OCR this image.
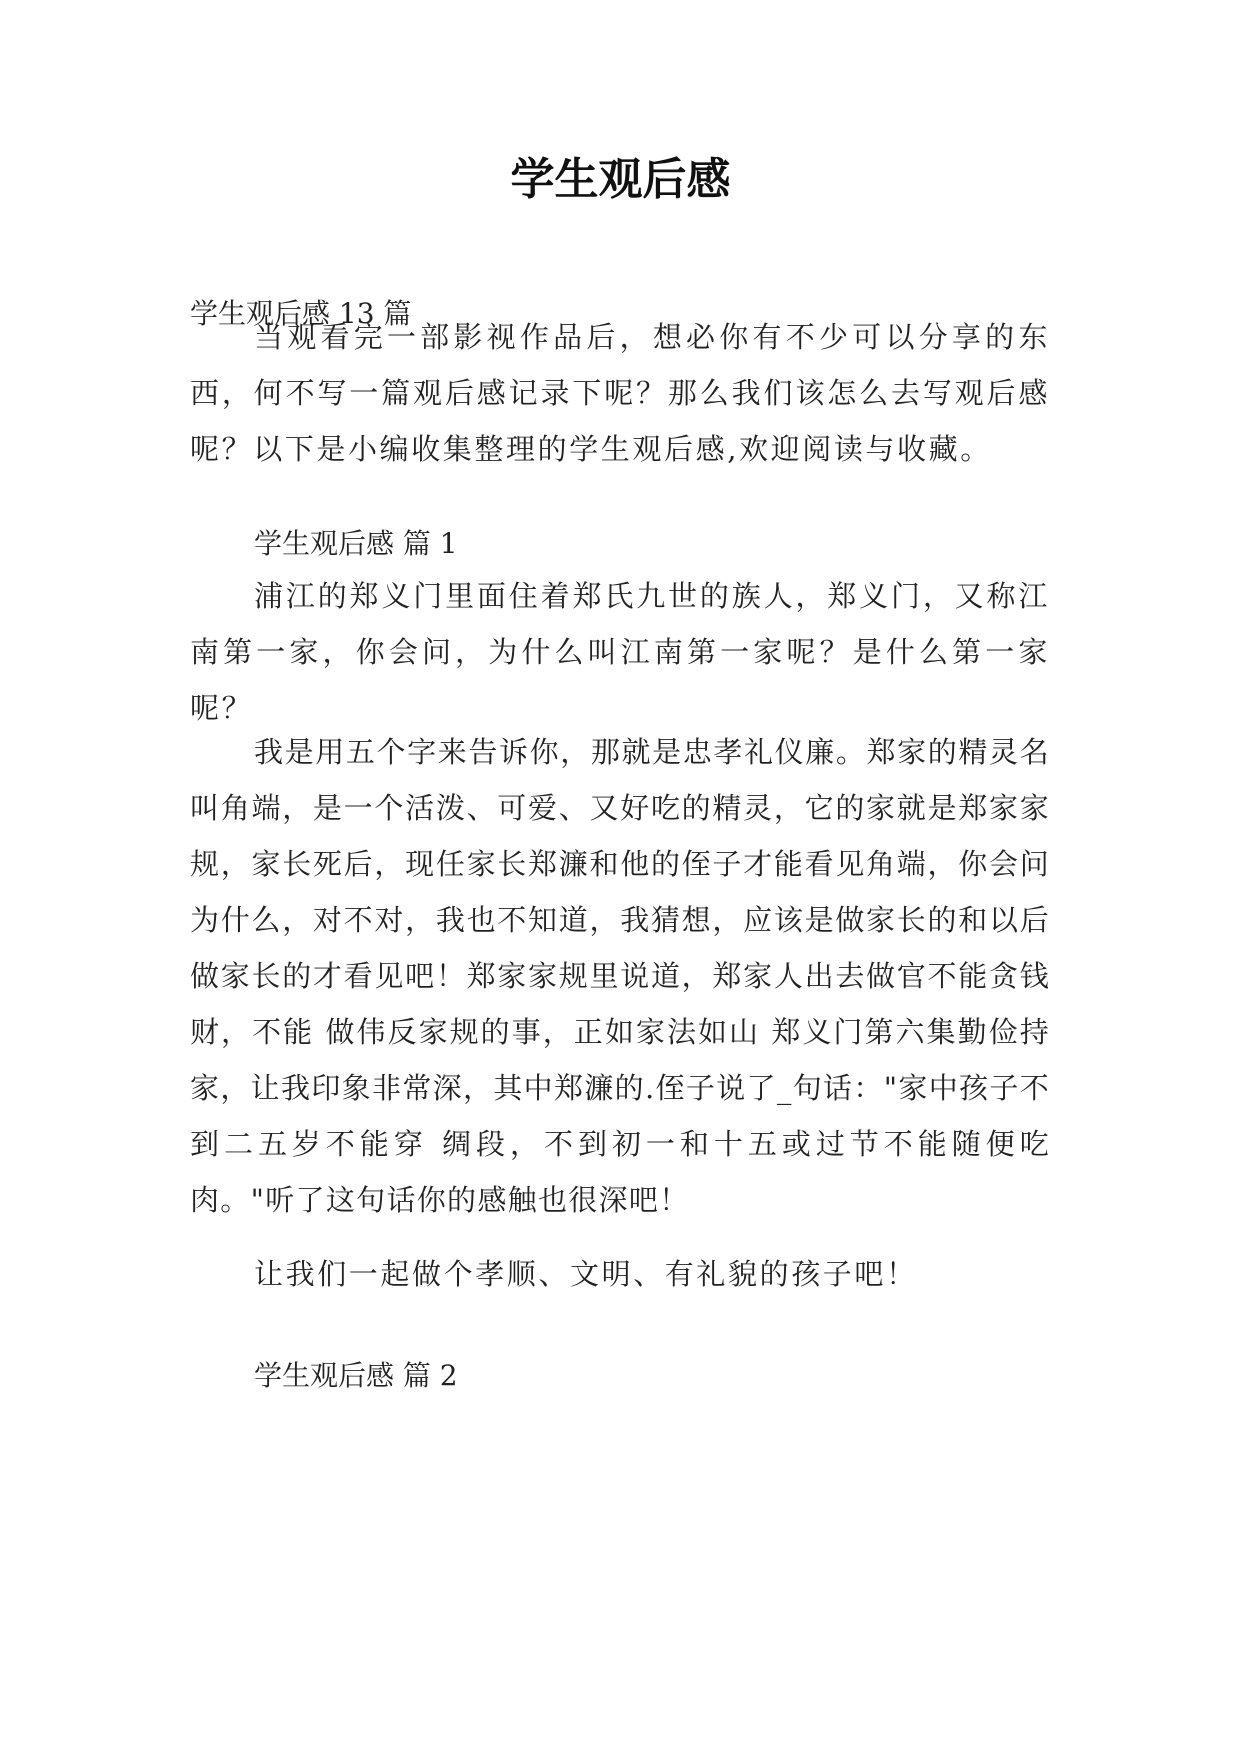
学生观后感

学生观后感 13 篇

当观看完一部影视作品后，想必你有不少可以分享的东西，何不写一篇观后感记录下呢？那么我们该怎么去写观后感呢？以下是小编收集整理的学生观后感,欢迎阅读与收藏。

学生观后感 篇 1

浦江的郑义门里面住着郑氏九世的族人，郑义门，又称江南第一家，你会问，为什么叫江南第一家呢？是什么第一家呢？

我是用五个字来告诉你，那就是忠孝礼仪廉。郑家的精灵名叫角端，是一个活泼、可爱、又好吃的精灵，它的家就是郑家家规，家长死后，现任家长郑濂和他的侄子才能看见角端，你会问为什么，对不对，我也不知道，我猜想，应该是做家长的和以后做家长的才看见吧！郑家家规里说道，郑家人出去做官不能贪钱财，不能 做伟反家规的事，正如家法如山 郑义门第六集勤俭持家，让我印象非常深，其中郑濂的.侄子说了_句话："家中孩子不到二五岁不能穿 绸段，不到初一和十五或过节不能随便吃肉。"听了这句话你的感触也很深吧！

让我们一起做个孝顺、文明、有礼貌的孩子吧！

学生观后感 篇 2
